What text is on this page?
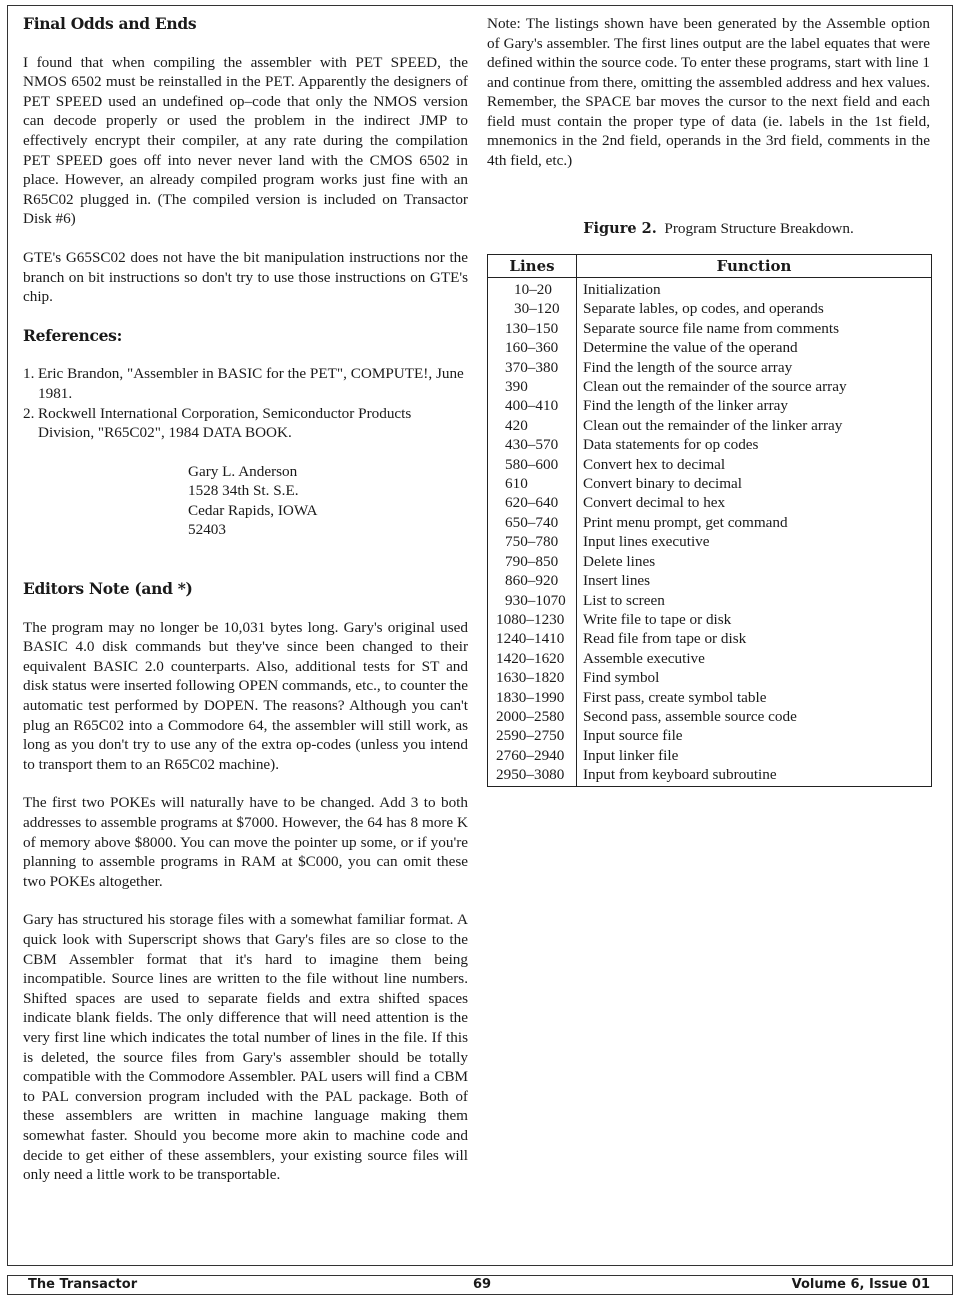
Final Odds and Ends

I found that when compiling the assembler with PET SPEED, the NMOS 6502 must be reinstalled in the PET. Apparently the designers of PET SPEED used an undefined op–code that only the NMOS version can decode properly or used the problem in the indirect JMP to effectively encrypt their compiler, at any rate during the compilation PET SPEED goes off into never never land with the CMOS 6502 in place. However, an already compiled program works just fine with an R65C02 plugged in. (The compiled version is included on Transactor Disk #6)

GTE's G65SC02 does not have the bit manipulation instructions nor the branch on bit instructions so don't try to use those instructions on GTE's chip.

References:
1. Eric Brandon, "Assembler in BASIC for the PET", COMPUTE!, June 1981.
2. Rockwell International Corporation, Semiconductor Products Division, "R65C02", 1984 DATA BOOK.
Gary L. Anderson
1528 34th St. S.E.
Cedar Rapids, IOWA
52403
Editors Note (and *)

The program may no longer be 10,031 bytes long. Gary's original used BASIC 4.0 disk commands but they've since been changed to their equivalent BASIC 2.0 counterparts. Also, additional tests for ST and disk status were inserted following OPEN commands, etc., to counter the automatic test performed by DOPEN. The reasons? Although you can't plug an R65C02 into a Commodore 64, the assembler will still work, as long as you don't try to use any of the extra op-codes (unless you intend to transport them to an R65C02 machine).

The first two POKEs will naturally have to be changed. Add 3 to both addresses to assemble programs at $7000. However, the 64 has 8 more K of memory above $8000. You can move the pointer up some, or if you're planning to assemble programs in RAM at $C000, you can omit these two POKEs altogether.

Gary has structured his storage files with a somewhat familiar format. A quick look with Superscript shows that Gary's files are so close to the CBM Assembler format that it's hard to imagine them being incompatible. Source lines are written to the file without line numbers. Shifted spaces are used to separate fields and extra shifted spaces indicate blank fields. The only difference that will need attention is the very first line which indicates the total number of lines in the file. If this is deleted, the source files from Gary's assembler should be totally compatible with the Commodore Assembler. PAL users will find a CBM to PAL conversion program included with the PAL package. Both of these assemblers are written in machine language making them somewhat faster. Should you become more akin to machine code and decide to get either of these assemblers, your existing source files will only need a little work to be transportable.

Note: The listings shown have been generated by the Assemble option of Gary's assembler. The first lines output are the label equates that were defined within the source code. To enter these programs, start with line 1 and continue from there, omitting the assembled address and hex values. Remember, the SPACE bar moves the cursor to the next field and each field must contain the proper type of data (ie. labels in the 1st field, mnemonics in the 2nd field, operands in the 3rd field, comments in the 4th field, etc.)

Figure 2. Program Structure Breakdown.
Lines	Function
10–20	Initialization
30–120	Separate lables, op codes, and operands
130–150	Separate source file name from comments
160–360	Determine the value of the operand
370–380	Find the length of the source array
390	Clean out the remainder of the source array
400–410	Find the length of the linker array
420	Clean out the remainder of the linker array
430–570	Data statements for op codes
580–600	Convert hex to decimal
610	Convert binary to decimal
620–640	Convert decimal to hex
650–740	Print menu prompt, get command
750–780	Input lines executive
790–850	Delete lines
860–920	Insert lines
930–1070	List to screen
1080–1230	Write file to tape or disk
1240–1410	Read file from tape or disk
1420–1620	Assemble executive
1630–1820	Find symbol
1830–1990	First pass, create symbol table
2000–2580	Second pass, assemble source code
2590–2750	Input source file
2760–2940	Input linker file
2950–3080	Input from keyboard subroutine
The Transactor	69	Volume 6, Issue 01
